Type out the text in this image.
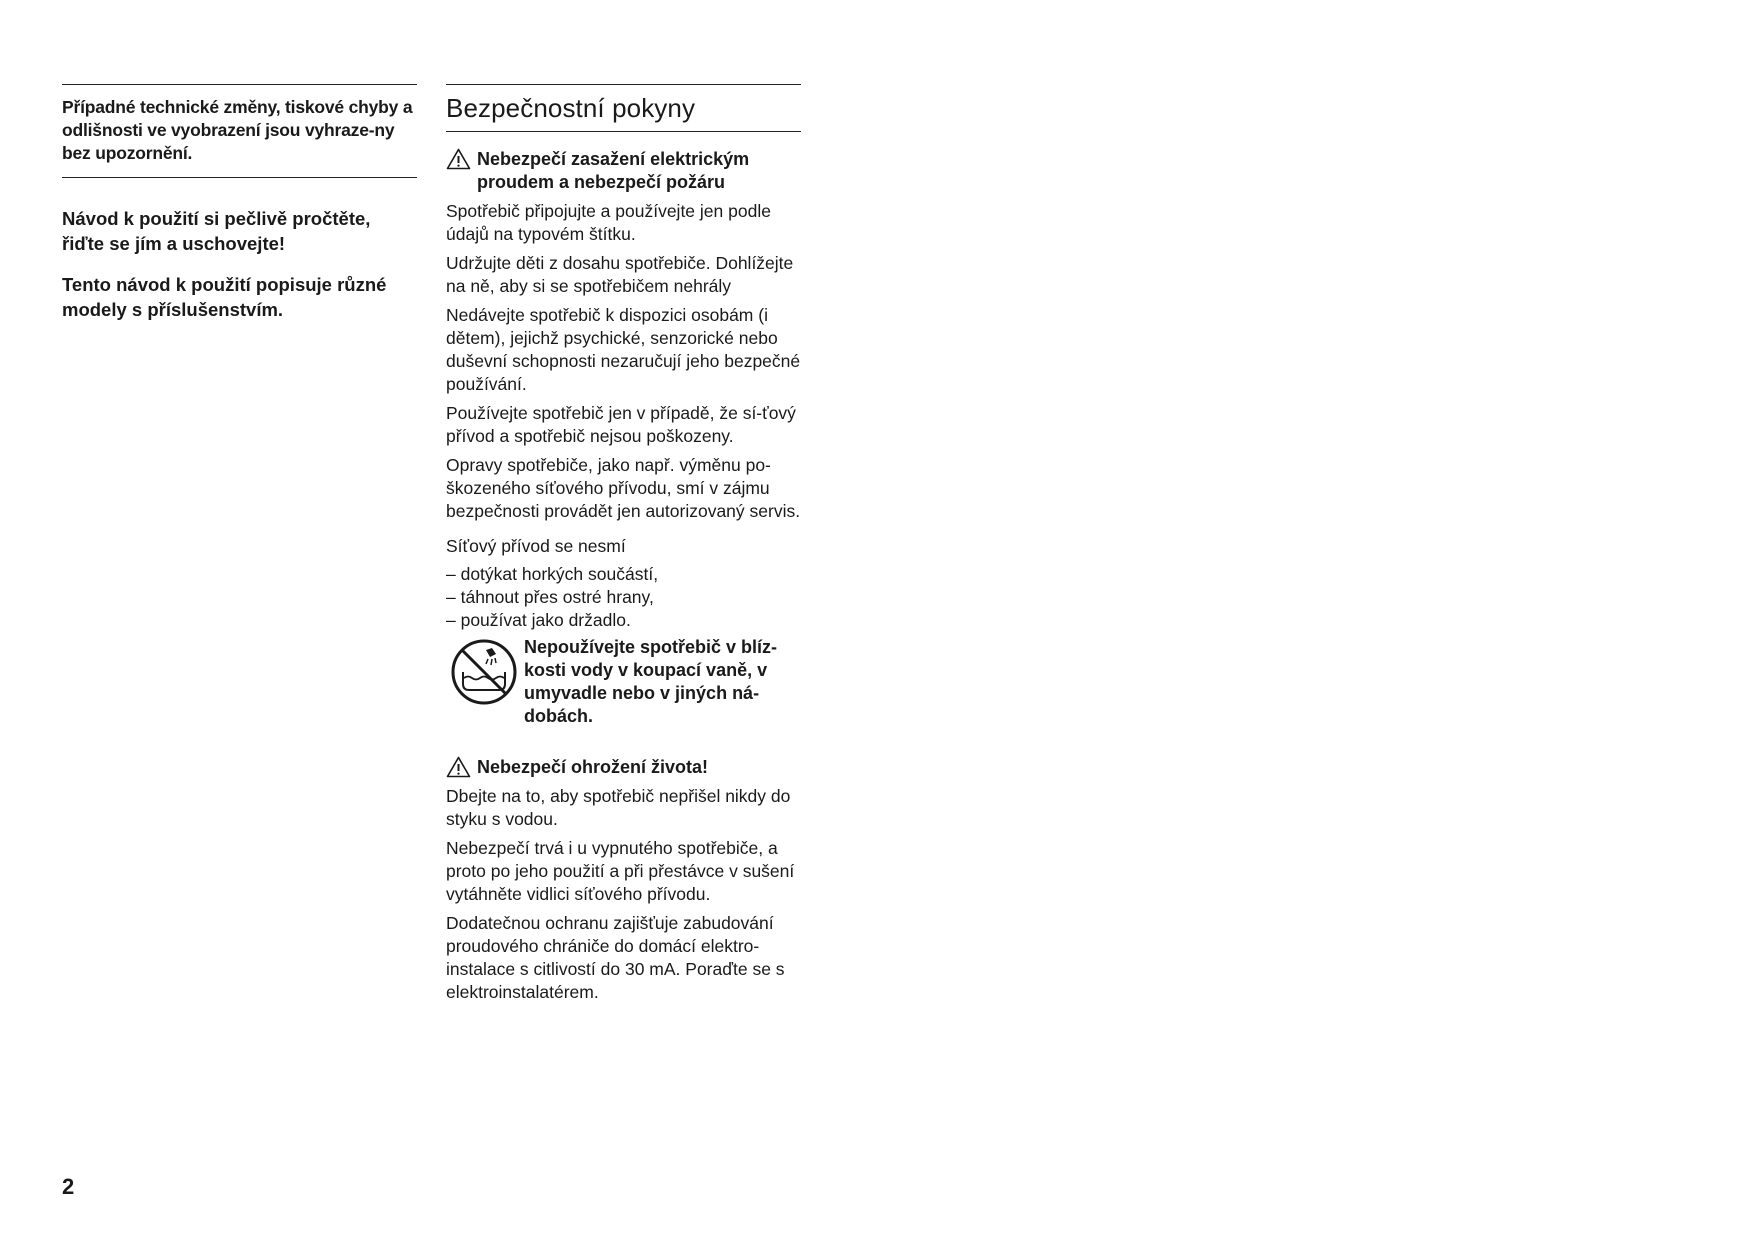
Případné technické změny, tiskové chyby a odlišnosti ve vyobrazení jsou vyhraze-ny bez upozornění.

Návod k použití si pečlivě pročtěte, řiďte se jím a uschovejte!

Tento návod k použití popisuje různé modely s příslušenstvím.

Bezpečnostní pokyny
Nebezpečí zasažení elektrickým proudem a nebezpečí požáru

Spotřebič připojujte a používejte jen podle údajů na typovém štítku.

Udržujte děti z dosahu spotřebiče. Dohlížejte na ně, aby si se spotřebičem nehrály

Nedávejte spotřebič k dispozici osobám (i dětem), jejichž psychické, senzorické nebo duševní schopnosti nezaručují jeho bezpečné používání.

Používejte spotřebič jen v případě, že sí-ťový přívod a spotřebič nejsou poškozeny.

Opravy spotřebiče, jako např. výměnu po-škozeného síťového přívodu, smí v zájmu bezpečnosti provádět jen autorizovaný servis.

Síťový přívod se nesmí

– dotýkat horkých součástí,
– táhnout přes ostré hrany,
– používat jako držadlo.
Nepoužívejte spotřebič v blíz-kosti vody v koupací vaně, v umyvadle nebo v jiných ná-dobách.
Nebezpečí ohrožení života!

Dbejte na to, aby spotřebič nepřišel nikdy do styku s vodou.

Nebezpečí trvá i u vypnutého spotřebiče, a proto po jeho použití a při přestávce v sušení vytáhněte vidlici síťového přívodu.

Dodatečnou ochranu zajišťuje zabudování proudového chrániče do domácí elektro-instalace s citlivostí do 30 mA. Poraďte se s elektroinstalatérem.

2
